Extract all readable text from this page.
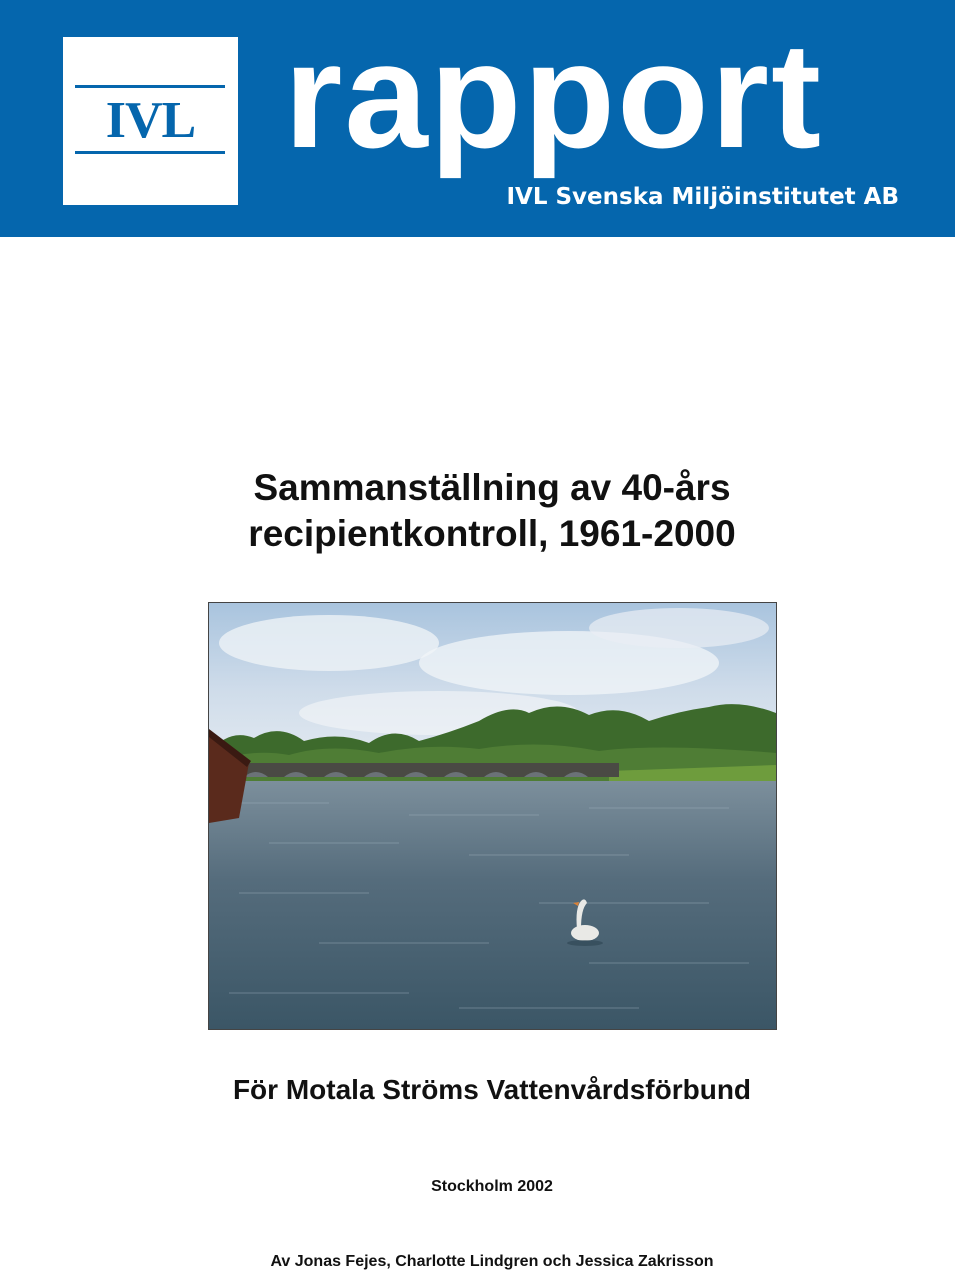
IVL rapport
IVL Svenska Miljöinstitutet AB
Sammanställning av 40-års
recipientkontroll, 1961-2000
För Motala Ströms Vattenvårdsförbund
Stockholm 2002
Av Jonas Fejes, Charlotte Lindgren och Jessica Zakrisson
